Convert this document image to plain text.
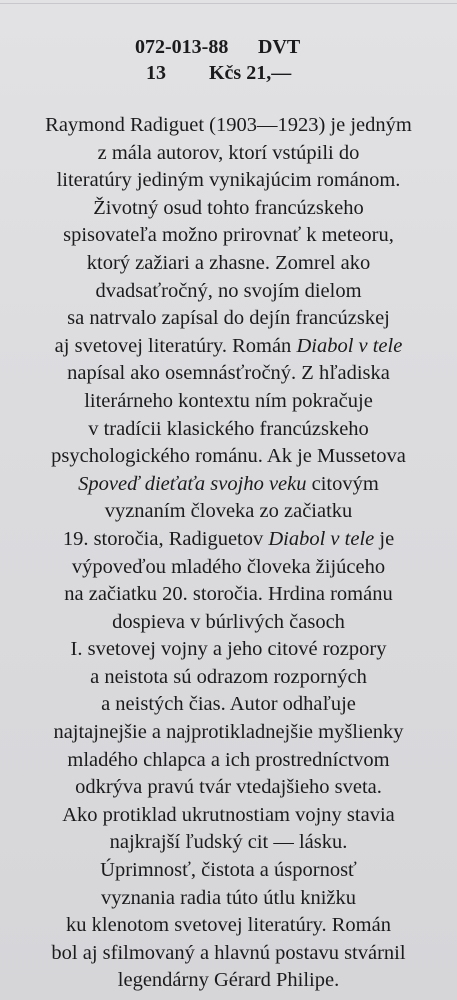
072-013-88 DVT
13 Kčs 21,—
Raymond Radiguet (1903—1923) je jedným
z mála autorov, ktorí vstúpili do
literatúry jediným vynikajúcim románom.
Životný osud tohto francúzskeho
spisovateľa možno prirovnať k meteoru,
ktorý zažiari a zhasne. Zomrel ako
dvadsaťročný, no svojím dielom
sa natrvalo zapísal do dejín francúzskej
aj svetovej literatúry. Román Diabol v tele
napísal ako osemnásťročný. Z hľadiska
literárneho kontextu ním pokračuje
v tradícii klasického francúzskeho
psychologického románu. Ak je Mussetova
Spoveď dieťaťa svojho veku citovým
vyznaním človeka zo začiatku
19. storočia, Radiguetov Diabol v tele je
výpoveďou mladého človeka žijúceho
na začiatku 20. storočia. Hrdina románu
dospieva v búrlivých časoch
I. svetovej vojny a jeho citové rozpory
a neistota sú odrazom rozporných
a neistých čias. Autor odhaľuje
najtajnejšie a najprotikladnejšie myšlienky
mladého chlapca a ich prostredníctvom
odkrýva pravú tvár vtedajšieho sveta.
Ako protiklad ukrutnostiam vojny stavia
najkrajší ľudský cit — lásku.
Úprimnosť, čistota a úspornosť
vyznania radia túto útlu knižku
ku klenotom svetovej literatúry. Román
bol aj sfilmovaný a hlavnú postavu stvárnil
legendárny Gérard Philipe.
